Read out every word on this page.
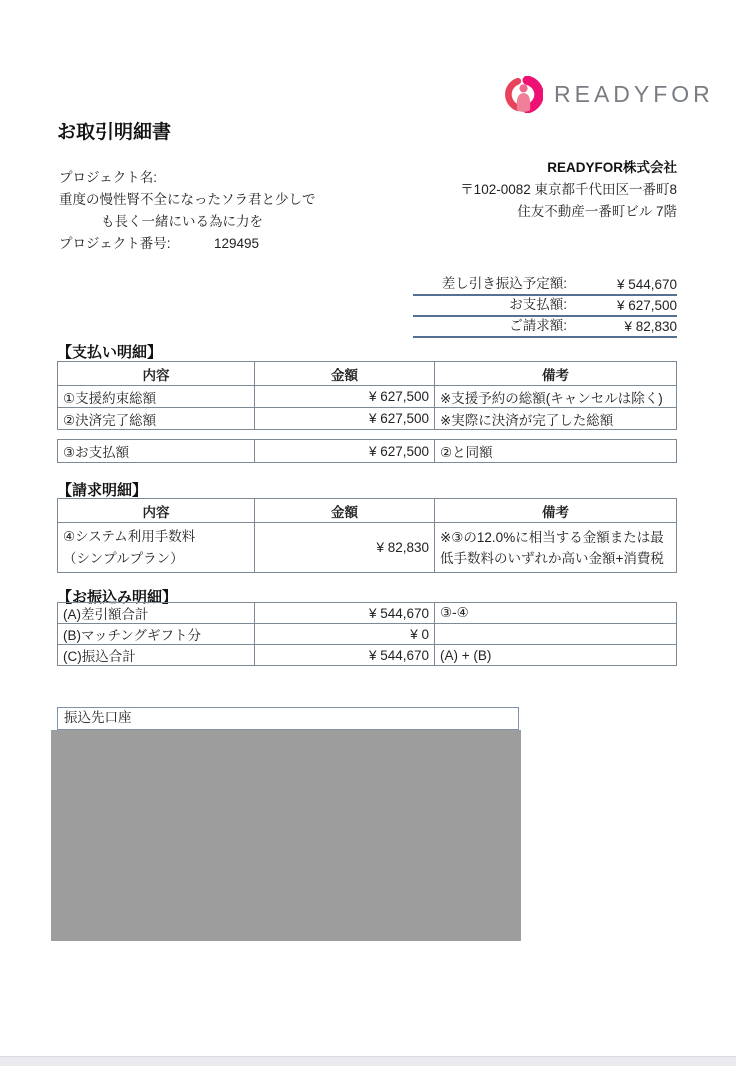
READYFOR
お取引明細書
プロジェクト名:
重度の慢性腎不全になったソラ君と少しで
も長く一緒にいる為に力を
プロジェクト番号:	129495
READYFOR株式会社
〒102-0082 東京都千代田区一番町8
住友不動産一番町ビル 7階
差し引き振込予定額:	¥ 544,670
お支払額:	¥ 627,500
ご請求額:	¥ 82,830
【支払い明細】
内容	金額	備考
①支援約束総額	¥ 627,500	※支援予約の総額(キャンセルは除く)
②決済完了総額	¥ 627,500	※実際に決済が完了した総額
③お支払額	¥ 627,500	②と同額
【請求明細】
内容	金額	備考

④システム利用手数料
（シンプルプラン）	¥ 82,830	※③の12.0%に相当する金額または最低手数料のいずれか高い金額+消費税
【お振込み明細】
(A)差引額合計	¥ 544,670	③-④
(B)マッチングギフト分	¥ 0	
(C)振込合計	¥ 544,670	(A) + (B)
振込先口座
